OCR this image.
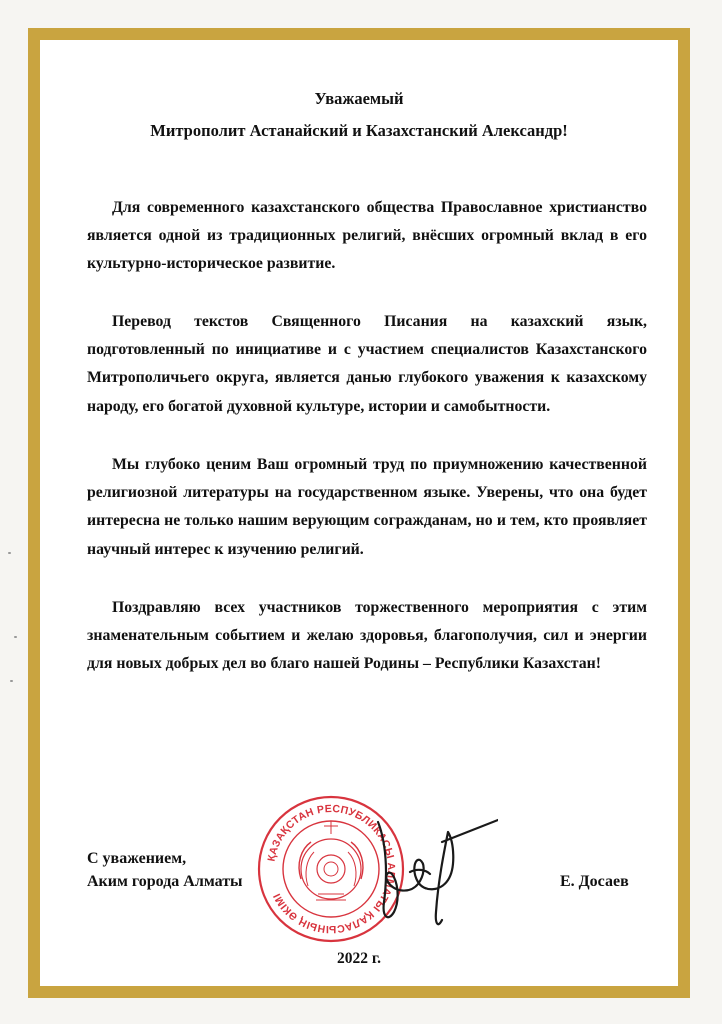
Уважаемый
Митрополит Астанайский и Казахстанский Александр!
Для современного казахстанского общества Православное христианство является одной из традиционных религий, внёсших огромный вклад в его культурно-историческое развитие.
Перевод текстов Священного Писания на казахский язык, подготовленный по инициативе и с участием специалистов Казахстанского Митрополичьего округа, является данью глубокого уважения к казахскому народу, его богатой духовной культуре, истории и самобытности.
Мы глубоко ценим Ваш огромный труд по приумножению качественной религиозной литературы на государственном языке. Уверены, что она будет интересна не только нашим верующим согражданам, но и тем, кто проявляет научный интерес к изучению религий.
Поздравляю всех участников торжественного мероприятия с этим знаменательным событием и желаю здоровья, благополучия, сил и энергии для новых добрых дел во благо нашей Родины – Республики Казахстан!
ҚАЗАҚСТАН РЕСПУБЛИКАСЫ АЛМАТЫ ҚАЛАСЫНЫҢ ӘКІМІ
С уважением,
Аким города Алматы	Е. Досаев
2022 г.
